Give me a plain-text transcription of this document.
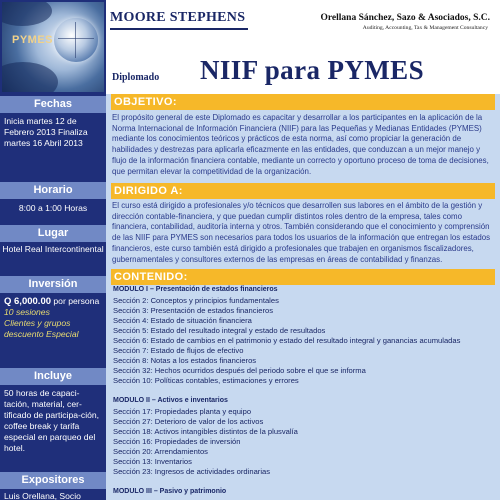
PYMES
Fechas
Inicia martes 12 de Febrero 2013 Finaliza martes 16 Abril 2013
Horario
8:00 a 1:00 Horas
Lugar
Hotel Real Intercontinental
Inversión
Q 6,000.00 por persona
10 sesiones
Clientes y grupos descuento Especial
Incluye
50 horas de capaci-tación, material, cer-tificado de participa-ción, coffee break y tarifa especial en parqueo del hotel.
Expositores
Luis Orellana, Socio
MOORE STEPHENS	Orellana Sánchez, Sazo & Asociados, S.C.
Auditing, Accounting, Tax & Management Consultancy
Diplomado NIIF para PYMES
OBJETIVO:
El propósito general de este Diplomado es capacitar y desarrollar a los participantes en la aplicación de la Norma Internacional de Información Financiera (NIIF) para las Pequeñas y Medianas Entidades (PYMES) mediante los conocimientos teóricos y prácticos de esta norma, así como propiciar la generación de habilidades y destrezas para aplicarla eficazmente en las entidades, que conduzcan a un mejor manejo y flujo de la información financiera contable, mediante un correcto y oportuno proceso de toma de decisiones, que permitan elevar la competitividad de la organización.
DIRIGIDO A:
El curso está dirigido a profesionales y/o técnicos que desarrollen sus labores en el ámbito de la gestión y dirección contable-financiera, y que puedan cumplir distintos roles dentro de la empresa, tales como financiera, contabilidad, auditoría interna y otros. También considerando que el conocimiento y comprensión de las NIIF para PYMES son necesarios para todos los usuarios de la información que entregan los estados financieros, este curso también está dirigido a profesionales que trabajen en organismos fiscalizadores, gubernamentales y consultores externos de las empresas en áreas de contabilidad y finanzas.
CONTENIDO:
MODULO I – Presentación de estados financieros
Sección 2: Conceptos y principios fundamentales
Sección 3: Presentación de estados financieros
Sección 4: Estado de situación financiera
Sección 5: Estado del resultado integral y estado de resultados
Sección 6: Estado de cambios en el patrimonio y estado del resultado integral y ganancias acumuladas
Sección 7: Estado de flujos de efectivo
Sección 8: Notas a los estados financieros
Sección 32: Hechos ocurridos después del periodo sobre el que se informa
Sección 10: Políticas contables, estimaciones y errores
MODULO II – Activos e inventarios
Sección 17: Propiedades planta y equipo
Sección 27: Deterioro de valor de los activos
Sección 18: Activos intangibles distintos de la plusvalía
Sección 16: Propiedades de inversión
Sección 20: Arrendamientos
Sección 13: Inventarios
Sección 23: Ingresos de actividades ordinarias
MODULO III – Pasivo y patrimonio
